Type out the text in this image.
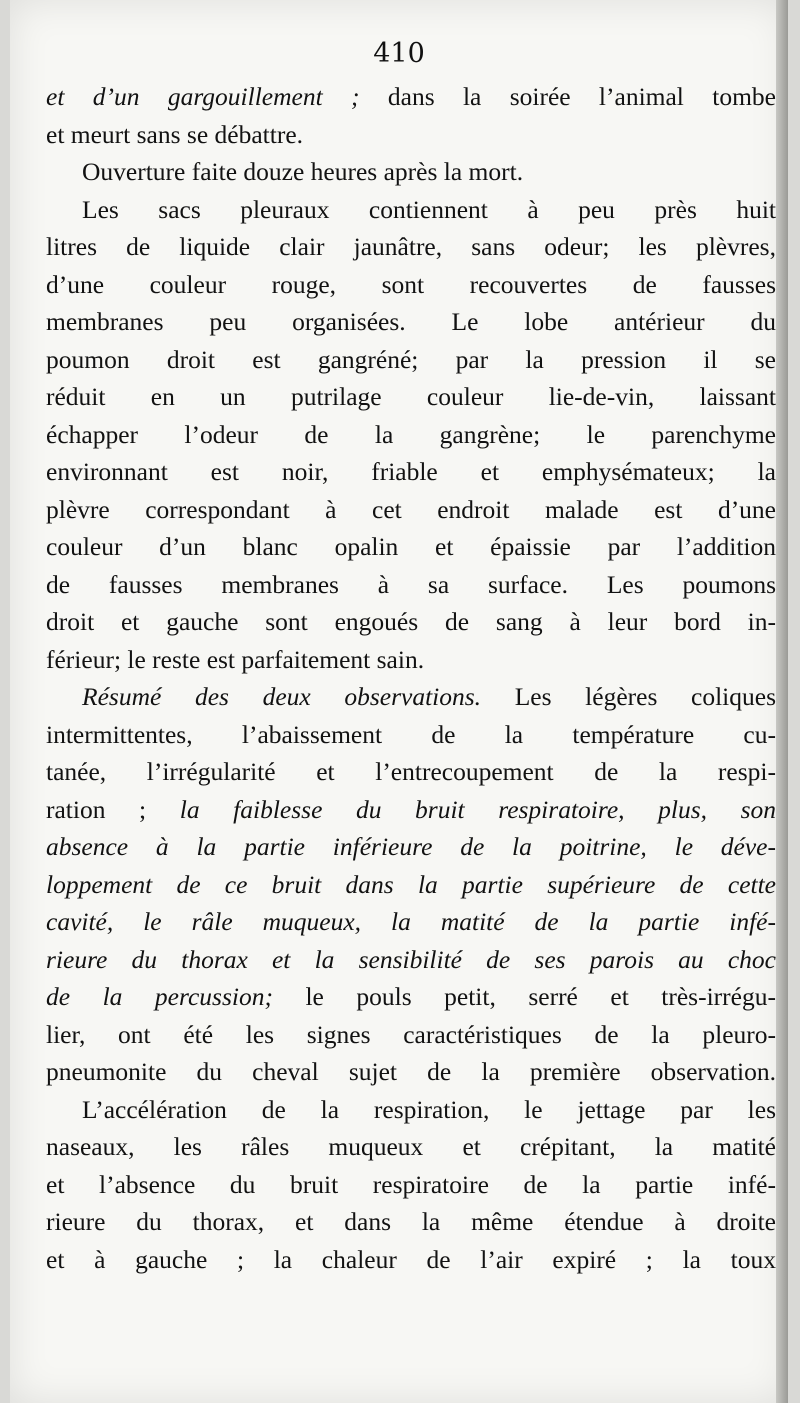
410
et d’un gargouillement ; dans la soirée l’animal tombe
et meurt sans se débattre.
Ouverture faite douze heures après la mort.
Les sacs pleuraux contiennent à peu près huit
litres de liquide clair jaunâtre, sans odeur; les plèvres,
d’une couleur rouge, sont recouvertes de fausses
membranes peu organisées. Le lobe antérieur du
poumon droit est gangréné; par la pression il se
réduit en un putrilage couleur lie-de-vin, laissant
échapper l’odeur de la gangrène; le parenchyme
environnant est noir, friable et emphysémateux; la
plèvre correspondant à cet endroit malade est d’une
couleur d’un blanc opalin et épaissie par l’addition
de fausses membranes à sa surface. Les poumons
droit et gauche sont engoués de sang à leur bord in-
férieur; le reste est parfaitement sain.
Résumé des deux observations. Les légères coliques
intermittentes, l’abaissement de la température cu-
tanée, l’irrégularité et l’entrecoupement de la respi-
ration ; la faiblesse du bruit respiratoire, plus, son
absence à la partie inférieure de la poitrine, le déve-
loppement de ce bruit dans la partie supérieure de cette
cavité, le râle muqueux, la matité de la partie infé-
rieure du thorax et la sensibilité de ses parois au choc
de la percussion; le pouls petit, serré et très-irrégu-
lier, ont été les signes caractéristiques de la pleuro-
pneumonite du cheval sujet de la première observation.
L’accélération de la respiration, le jettage par les
naseaux, les râles muqueux et crépitant, la matité
et l’absence du bruit respiratoire de la partie infé-
rieure du thorax, et dans la même étendue à droite
et à gauche ; la chaleur de l’air expiré ; la toux
